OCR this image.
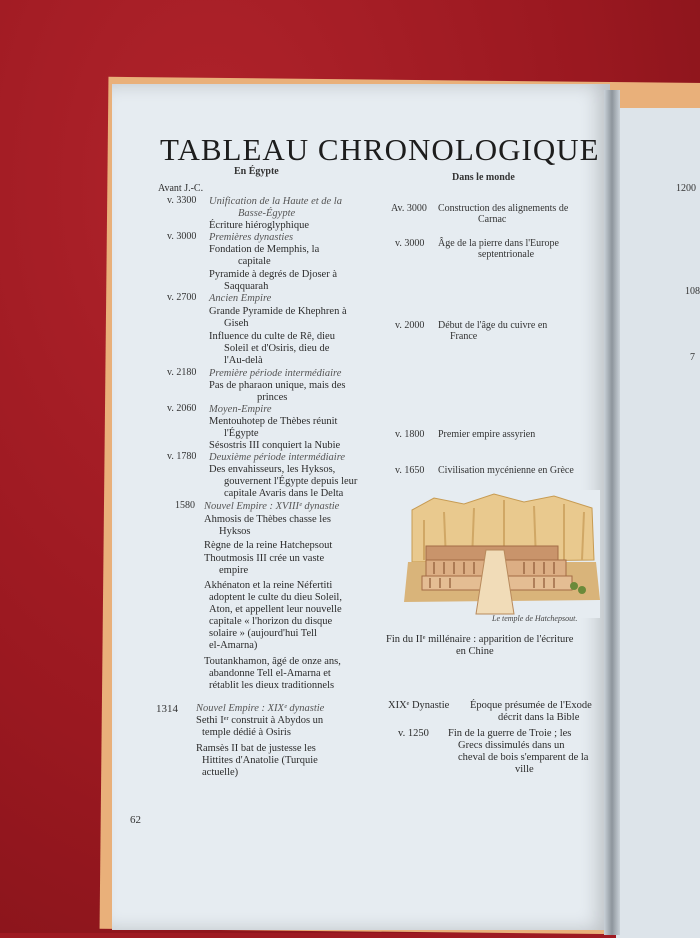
TABLEAU CHRONOLOGIQUE
En Égypte
Dans le monde
Avant J.-C.
v. 3300 Unification de la Haute et de la
Basse-Égypte
Écriture hiéroglyphique
v. 3000 Premières dynasties
Fondation de Memphis, la
capitale
Pyramide à degrés de Djoser à
Saqquarah
v. 2700 Ancien Empire
Grande Pyramide de Khephren à
Giseh
Influence du culte de Rê, dieu
Soleil et d'Osiris, dieu de
l'Au-delà
v. 2180 Première période intermédiaire
Pas de pharaon unique, mais des
princes
v. 2060 Moyen-Empire
Mentouhotep de Thèbes réunit
l'Égypte
Sésostris III conquiert la Nubie
v. 1780 Deuxième période intermédiaire
Des envahisseurs, les Hyksos,
gouvernent l'Égypte depuis leur
capitale Avaris dans le Delta
1580 Nouvel Empire : XVIIIᵉ dynastie
Ahmosis de Thèbes chasse les
Hyksos
Règne de la reine Hatchepsout
Thoutmosis III crée un vaste
empire
Akhénaton et la reine Néfertiti
adoptent le culte du dieu Soleil,
Aton, et appellent leur nouvelle
capitale « l'horizon du disque
solaire » (aujourd'hui Tell
el-Amarna)
Toutankhamon, âgé de onze ans,
abandonne Tell el-Amarna et
rétablit les dieux traditionnels
1314 Nouvel Empire : XIXᵉ dynastie
Sethi Iᵉʳ construit à Abydos un
temple dédié à Osiris
Ramsès II bat de justesse les
Hittites d'Anatolie (Turquie
actuelle)
Av. 3000 Construction des alignements de
Carnac
v. 3000 Âge de la pierre dans l'Europe
septentrionale
v. 2000 Début de l'âge du cuivre en
France
v. 1800 Premier empire assyrien
v. 1650 Civilisation mycénienne en Grèce
Le temple de Hatchepsout.
Fin du IIᵉ millénaire : apparition de l'écriture
en Chine
XIXᵉ Dynastie Époque présumée de l'Exode
décrit dans la Bible
v. 1250 Fin de la guerre de Troie ; les
Grecs dissimulés dans un
cheval de bois s'emparent de la
ville
62
1200
108
7
